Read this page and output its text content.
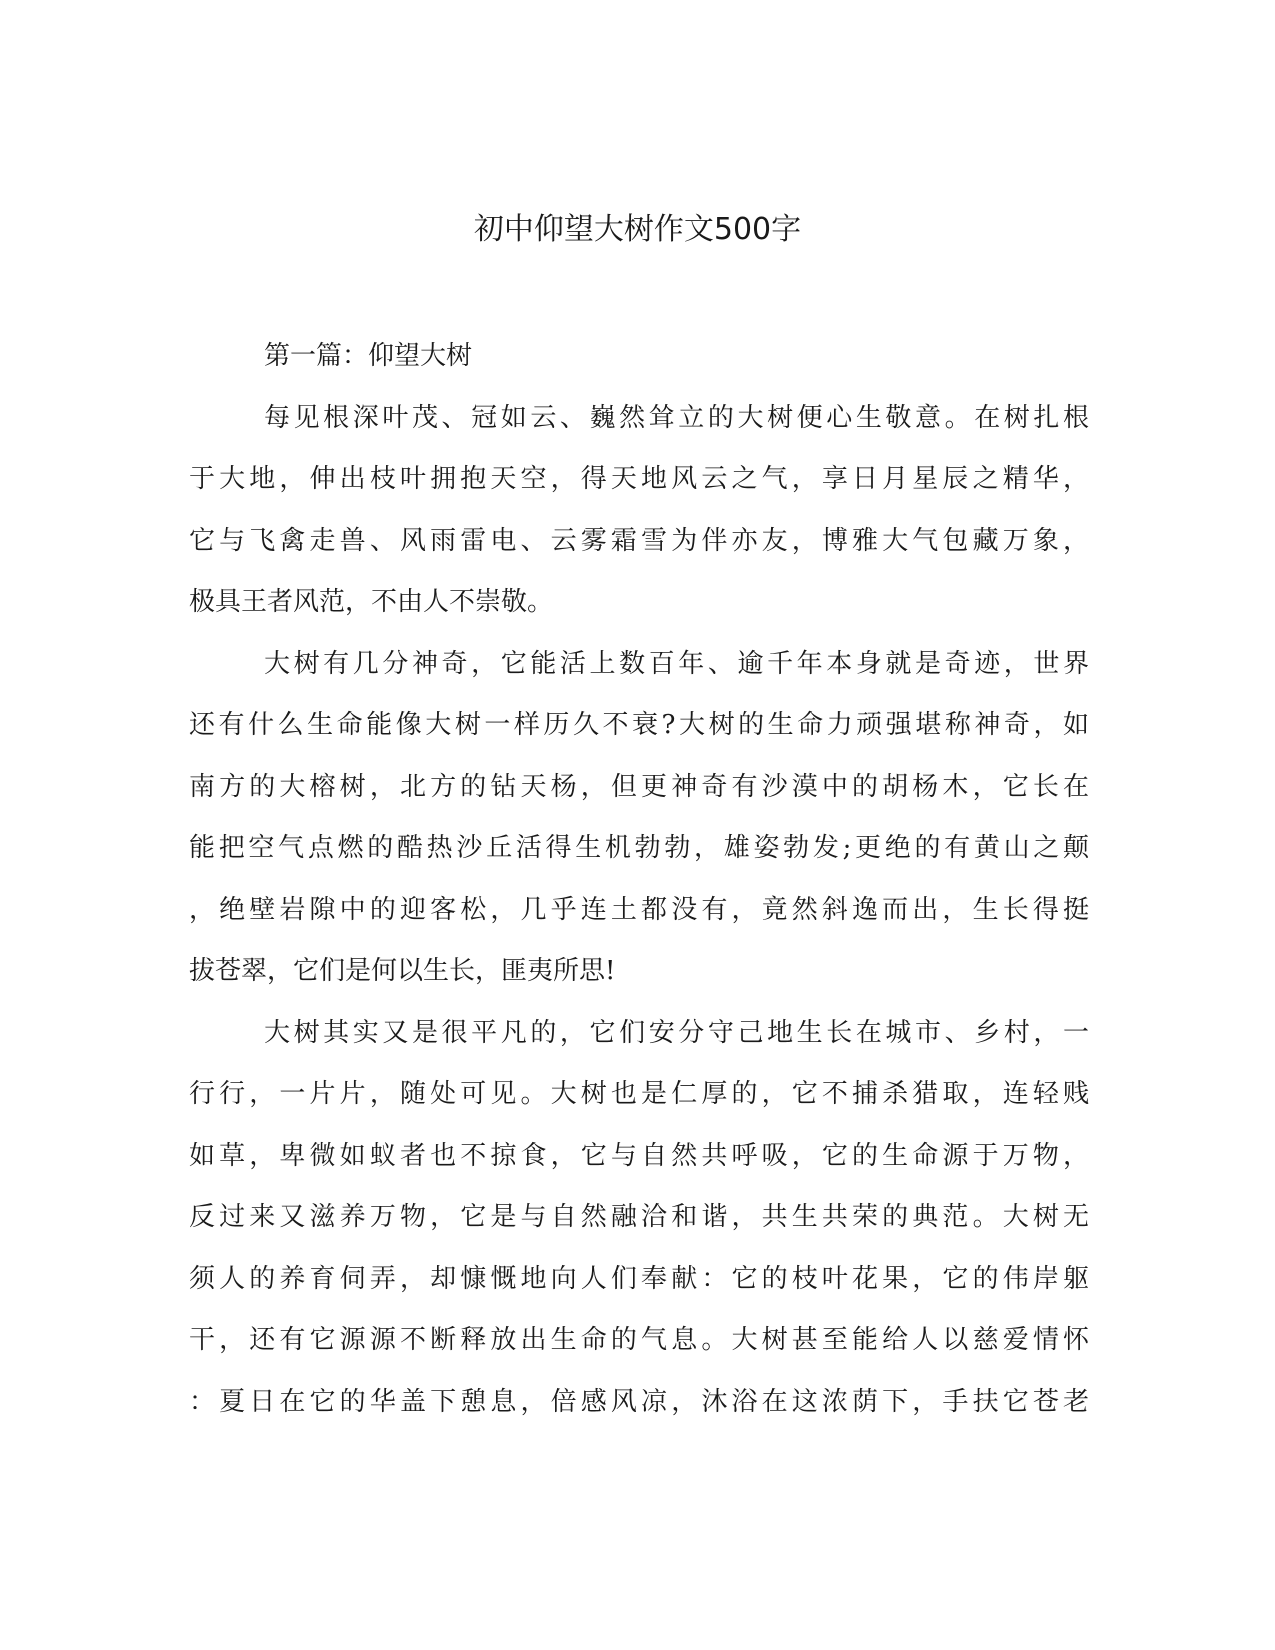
初中仰望大树作文500字
第一篇：仰望大树
每见根深叶茂、冠如云、巍然耸立的大树便心生敬意。在树扎根
于大地，伸出枝叶拥抱天空，得天地风云之气，享日月星辰之精华，
它与飞禽走兽、风雨雷电、云雾霜雪为伴亦友，博雅大气包藏万象，
极具王者风范，不由人不崇敬。
大树有几分神奇，它能活上数百年、逾千年本身就是奇迹，世界
还有什么生命能像大树一样历久不衰?大树的生命力顽强堪称神奇，如
南方的大榕树，北方的钻天杨，但更神奇有沙漠中的胡杨木，它长在
能把空气点燃的酷热沙丘活得生机勃勃，雄姿勃发;更绝的有黄山之颠
，绝壁岩隙中的迎客松，几乎连土都没有，竟然斜逸而出，生长得挺
拔苍翠，它们是何以生长，匪夷所思!
大树其实又是很平凡的，它们安分守己地生长在城市、乡村，一
行行，一片片，随处可见。大树也是仁厚的，它不捕杀猎取，连轻贱
如草，卑微如蚁者也不掠食，它与自然共呼吸，它的生命源于万物，
反过来又滋养万物，它是与自然融洽和谐，共生共荣的典范。大树无
须人的养育伺弄，却慷慨地向人们奉献：它的枝叶花果，它的伟岸躯
干，还有它源源不断释放出生命的气息。大树甚至能给人以慈爱情怀
：夏日在它的华盖下憩息，倍感风凉，沐浴在这浓荫下，手扶它苍老
